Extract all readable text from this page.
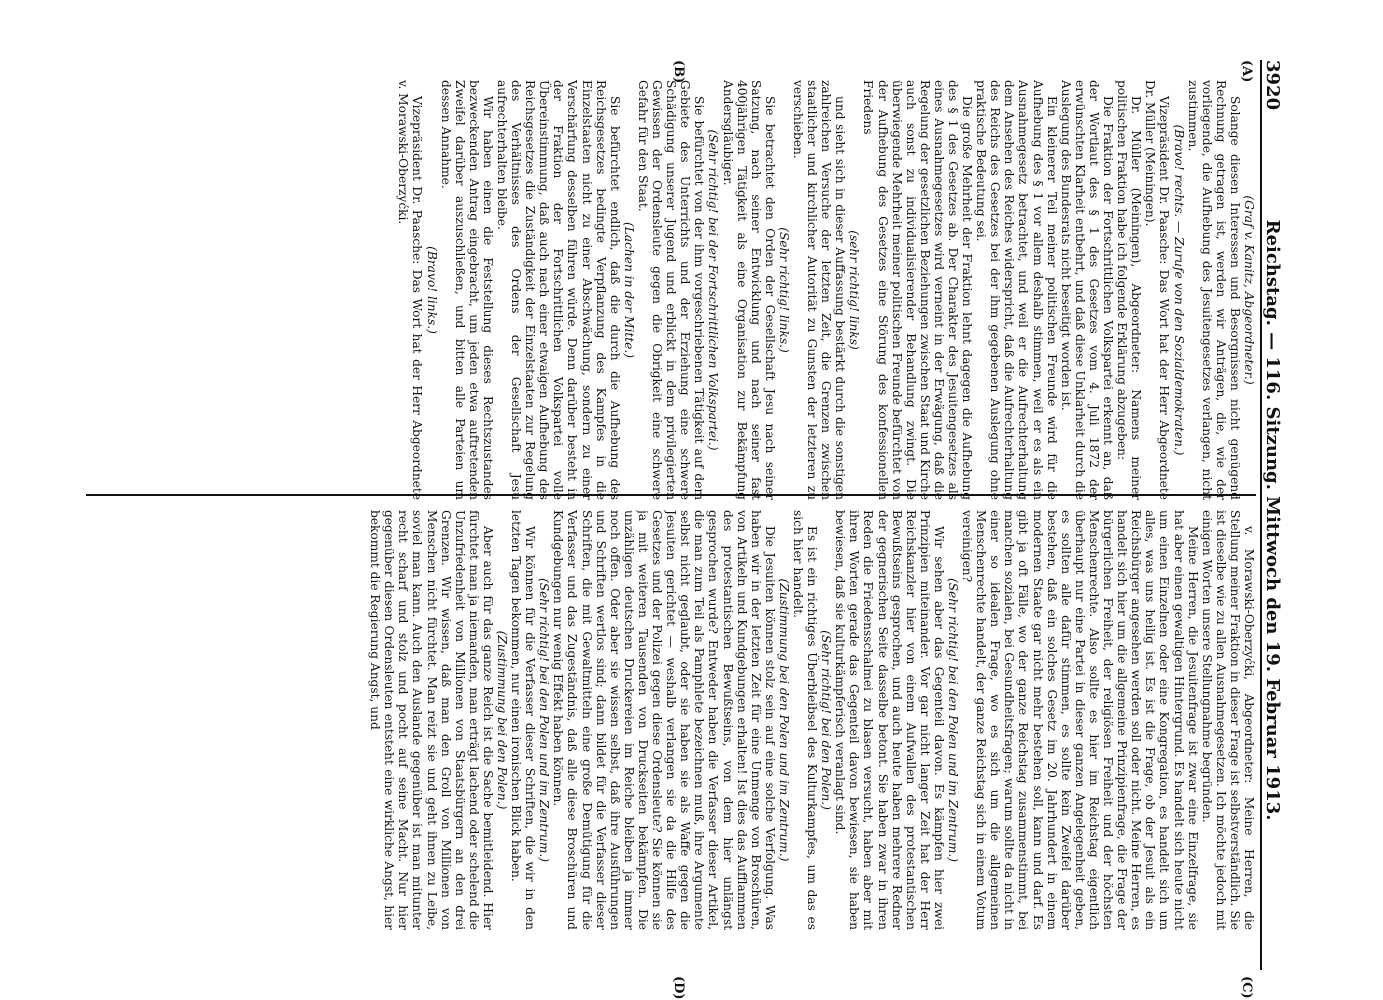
3920
Reichstag. — 116. Sitzung. Mittwoch den 19. Februar 1913.
(A)
(B)
(C)
(D)

(Graf v. Kanitz, Abgeordneter.)

Solange diesen Interessen und Besorgnissen nicht genügend Rechnung getragen ist, werden wir Anträgen, die, wie der vorliegende, die Aufhebung des Jesuitengesetzes verlangen, nicht zustimmen.

(Bravo! rechts. — Zurufe von den Sozialdemokraten.)

Vizepräsident Dr. Paasche: Das Wort hat der Herr Abgeordnete Dr. Müller (Meiningen).

Dr. Müller (Meiningen), Abgeordneter: Namens meiner politischen Fraktion habe ich folgende Erklärung abzugeben:

Die Fraktion der Fortschrittlichen Volkspartei erkennt an, daß der Wortlaut des § 1 des Gesetzes vom 4. Juli 1872 der erwünschten Klarheit entbehrt, und daß diese Unklarheit durch die Auslegung des Bundesrats nicht beseitigt worden ist.

Ein kleinerer Teil meiner politischen Freunde wird für die Aufhebung des § 1 vor allem deshalb stimmen, weil er es als ein Ausnahmegesetz betrachtet, und weil er die Aufrechterhaltung dem Ansehen des Reiches widerspricht, daß die Aufrechterhaltung des Reichs des Gesetzes bei der ihm gegebenen Auslegung ohne praktische Bedeutung sei.

Die große Mehrheit der Fraktion lehnt dagegen die Aufhebung des § 1 des Gesetzes ab. Der Charakter des Jesuitengesetzes als eines Ausnahmegesetzes wird verneint in der Erwägung, daß die Regelung der gesetzlichen Beziehungen zwischen Staat und Kirche auch sonst zu individualisierender Behandlung zwingt. Die überwiegende Mehrheit meiner politischen Freunde befürchtet von der Aufhebung des Gesetzes eine Störung des konfessionellen Friedens

(sehr richtig! links)

und sieht sich in dieser Auffassung bestärkt durch die sonstigen zahlreichen Versuche der letzten Zeit, die Grenzen zwischen staatlicher und kirchlicher Autorität zu Gunsten der letzteren zu verschieben.

(Sehr richtig! links.)

Sie betrachtet den Orden der Gesellschaft Jesu nach seiner Satzung, nach seiner Entwicklung und nach seiner fast 400jährigen Tätigkeit als eine Organisation zur Bekämpfung Andersgläubiger.

(Sehr richtig! bei der Fortschrittlichen Volkspartei.)

Sie befürchtet von der ihm vorgeschriebenen Tätigkeit auf dem Gebiete des Unterrichts und der Erziehung eine schwere Schädigung unserer Jugend und erblickt in dem privilegierten Gewissen der Ordensleute gegen die Obrigkeit eine schwere Gefahr für den Staat.

(Lachen in der Mitte.)

Sie befürchtet endlich, daß die durch die Aufhebung des Reichsgesetzes bedingte Verpflanzung des Kampfes in die Einzelstaaten nicht zu einer Abschwächung, sondern zu einer Verschärfung desselben führen würde. Denn darüber besteht in der Fraktion der Fortschrittlichen Volkspartei volle Übereinstimmung, daß auch nach einer etwaigen Aufhebung des Reichsgesetzes die Zuständigkeit der Einzelstaaten zur Regelung des Verhältnisses des Ordens der Gesellschaft Jesu aufrechterhalten bleibe.

Wir haben einen die Feststellung dieses Rechtszustandes bezweckenden Antrag eingebracht, um jeden etwa auftretenden Zweifel darüber auszuschließen, und bitten alle Parteien um dessen Annahme.

(Bravo! links.)

Vizepräsident Dr. Paasche: Das Wort hat der Herr Abgeordnete v. Morawski-Oberzyćki.

v. Morawski-Oberzyćki, Abgeordneter: Meine Herren, die Stellung meiner Fraktion in dieser Frage ist selbstverständlich. Sie ist dieselbe wie zu allen Ausnahmegesetzen. Ich möchte jedoch mit einigen Worten unsere Stellungnahme begründen.

Meine Herren, die Jesuitenfrage ist zwar eine Einzelfrage, sie hat aber einen gewaltigen Hintergrund. Es handelt sich heute nicht um einen Einzelnen oder eine Kongregation, es handelt sich um alles, was uns heilig ist. Es ist die Frage, ob der Jesuit als ein Reichsbürger angesehen werden soll oder nicht. Meine Herren, es handelt sich hier um die allgemeine Prinzipienfrage, die Frage der bürgerlichen Freiheit, der religiösen Freiheit und der höchsten Menschenrechte. Also sollte es hier im Reichstag eigentlich überhaupt nur eine Partei in dieser ganzen Angelegenheit geben, es sollten alle dafür stimmen, es sollte kein Zweifel darüber bestehen, daß ein solches Gesetz im 20. Jahrhundert in einem modernen Staate gar nicht mehr bestehen soll, kann und darf. Es gibt ja oft Fälle, wo der ganze Reichstag zusammenstimmt, bei manchen sozialen, bei Gesundheitsfragen; warum sollte da nicht in einer so idealen Frage, wo es sich um die allgemeinen Menschenrechte handelt, der ganze Reichstag sich in einem Votum vereinigen?

(Sehr richtig! bei den Polen und im Zentrum.)

Wir sehen aber das Gegenteil davon. Es kämpfen hier zwei Prinzipien miteinander. Vor gar nicht langer Zeit hat der Herr Reichskanzler hier von einem Aufwallen des protestantischen Bewußtseins gesprochen, und auch heute haben mehrere Redner der gegnerischen Seite dasselbe betont. Sie haben zwar in ihren Reden die Friedensschalmei zu blasen versucht, haben aber mit ihren Worten gerade das Gegenteil davon bewiesen, sie haben bewiesen, daß sie kulturkämpferisch veranlagt sind.

(Sehr richtig! bei den Polen.)

Es ist ein richtiges Überbleibsel des Kulturkampfes, um das es sich hier handelt.

(Zustimmung bei den Polen und im Zentrum.)

Die Jesuiten können stolz sein auf eine solche Verfolgung. Was haben wir in der letzten Zeit für eine Unmenge von Broschüren, von Artikeln und Kundgebungen erhalten! Ist dies das Aufflammen des protestantischen Bewußtseins, von dem hier unlängst gesprochen wurde? Entweder haben die Verfasser dieser Artikel, die man zum Teil als Pamphlete bezeichnen muß, ihre Argumente selbst nicht geglaubt, oder sie haben sie als Waffe gegen die Jesuiten gerichtet — weshalb verlangen sie da die Hilfe des Gesetzes und der Polizei gegen diese Ordensleute? Sie können sie ja mit weiteren Tausenden von Druckseiten bekämpfen. Die unzähligen deutschen Druckereien im Reiche bleiben ja immer noch offen. Oder aber sie wissen selbst, daß ihre Ausführungen und Schriften wertlos sind; dann bildet für die Verfasser dieser Schriften, die mit Gewaltmitteln eine große Demütigung für die Verfasser und das Zugeständnis, daß alle diese Broschüren und Kundgebungen nur wenig Effekt haben können.

(Sehr richtig! bei den Polen und im Zentrum.)

Wir können für die Verfasser dieser Schriften, die wir in den letzten Tagen bekommen, nur einen ironischen Blick haben.

(Zustimmung bei den Polen.)

Aber auch für das ganze Reich ist die Sache bemitleidend. Hier fürchtet man ja niemanden, man erträgt lachend oder schelend die Unzufriedenheit von Millionen von Staatsbürgern an den drei Grenzen. Wir wissen, daß man den Groll von Millionen von Menschen nicht fürchtet. Man reizt sie und geht ihnen zu Leibe, soviel man kann. Auch den Auslande gegenüber ist man mitunter recht scharf und stolz und pocht auf seine Macht. Nur hier gegenüber diesen Ordensleuten entsteht eine wirkliche Angst, hier bekommt die Regierung Angst, und
